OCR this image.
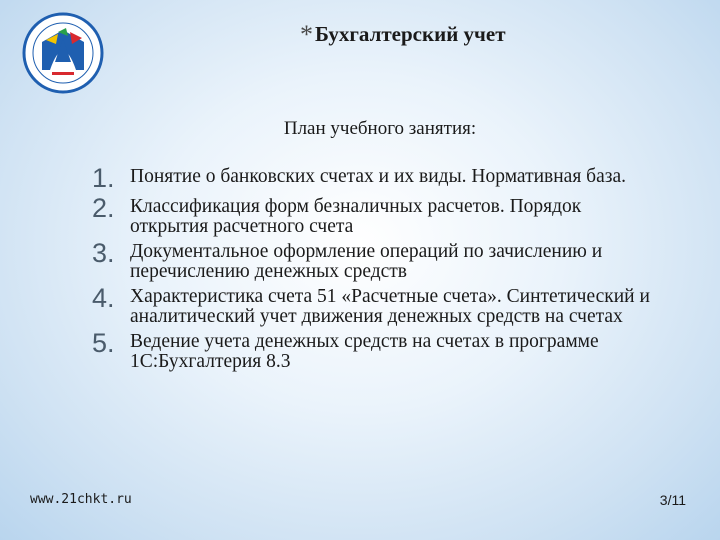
*Бухгалтерский учет
План учебного занятия:
1. Понятие о банковских счетах и их виды. Нормативная база.
2. Классификация форм безналичных расчетов. Порядок открытия расчетного счета
3. Документальное оформление операций по зачислению и перечислению денежных средств
4. Характеристика счета 51 «Расчетные счета». Синтетический и аналитический учет движения денежных средств на счетах
5. Ведение учета денежных средств на счетах в программе 1С:Бухгалтерия 8.3
www.21chkt.ru	3/11
